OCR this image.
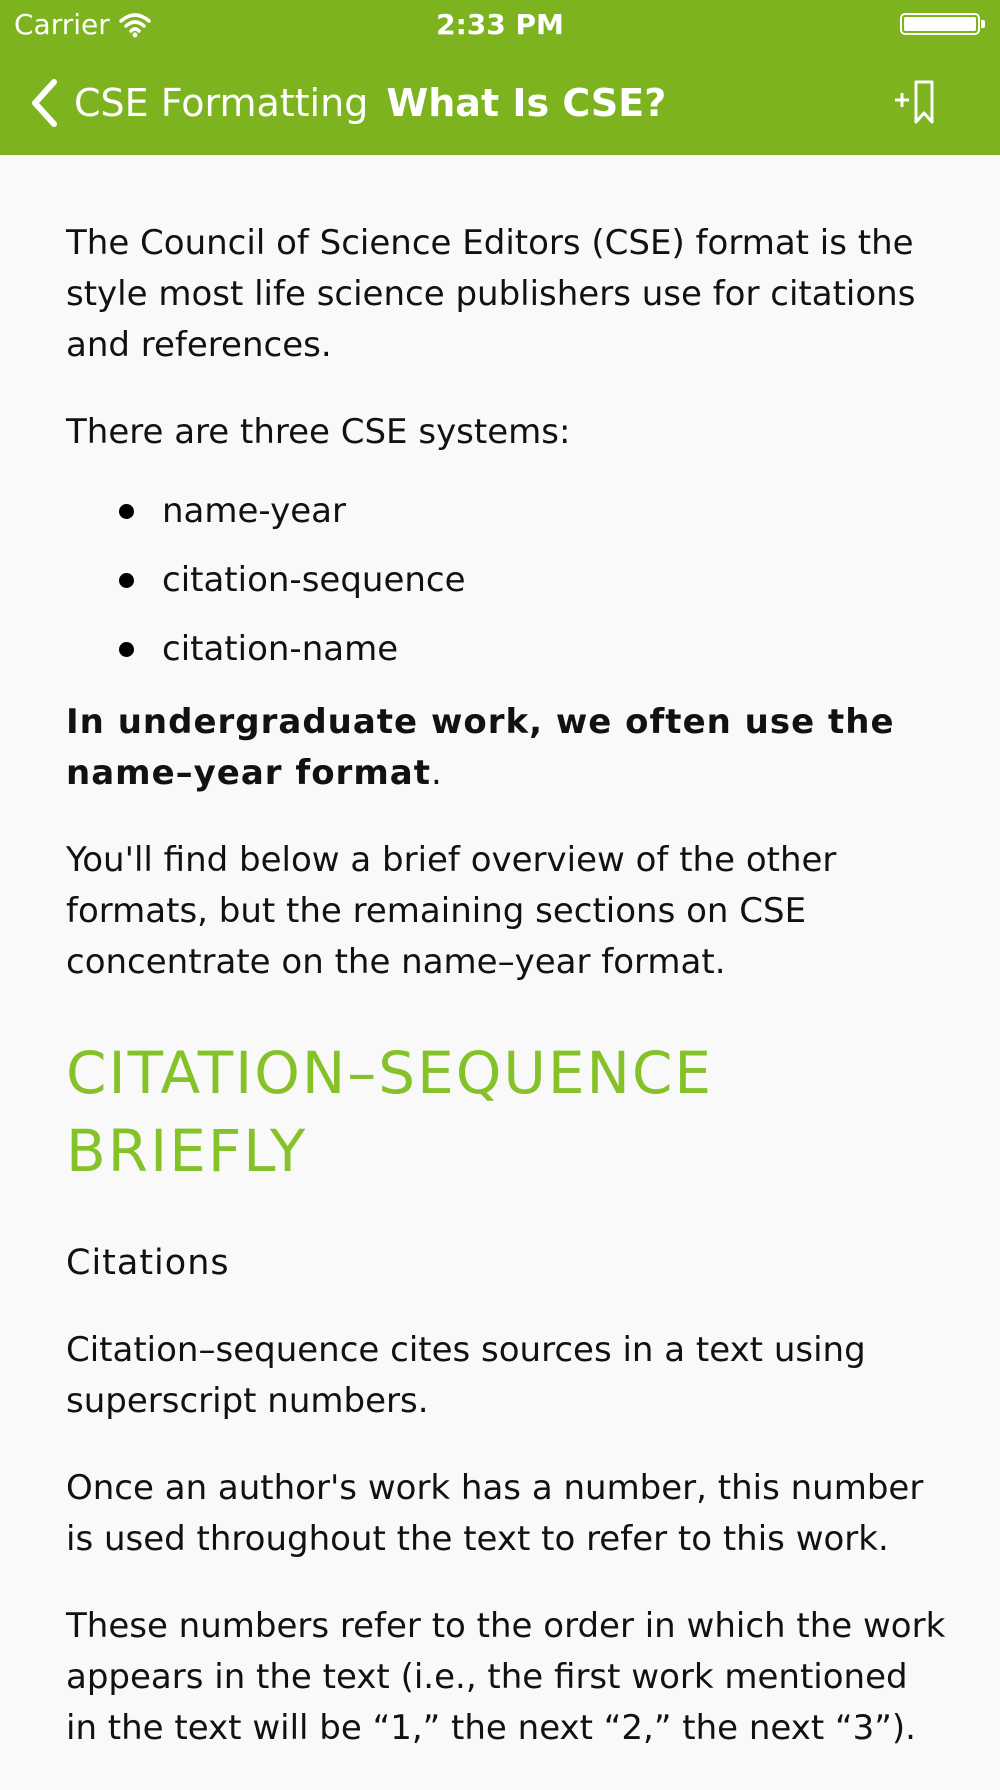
Carrier	2:33 PM
CSE Formatting What Is CSE?

The Council of Science Editors (CSE) format is the style most life science publishers use for citations and references.

There are three CSE systems:

name-year
citation-sequence
citation-name

In undergraduate work, we often use the name–year format.

You'll find below a brief overview of the other formats, but the remaining sections on CSE concentrate on the name–year format.

CITATION–SEQUENCE BRIEFLY
Citations

Citation–sequence cites sources in a text using superscript numbers.

Once an author's work has a number, this number is used throughout the text to refer to this work.

These numbers refer to the order in which the work appears in the text (i.e., the first work mentioned in the text will be “1,” the next “2,” the next “3”).
